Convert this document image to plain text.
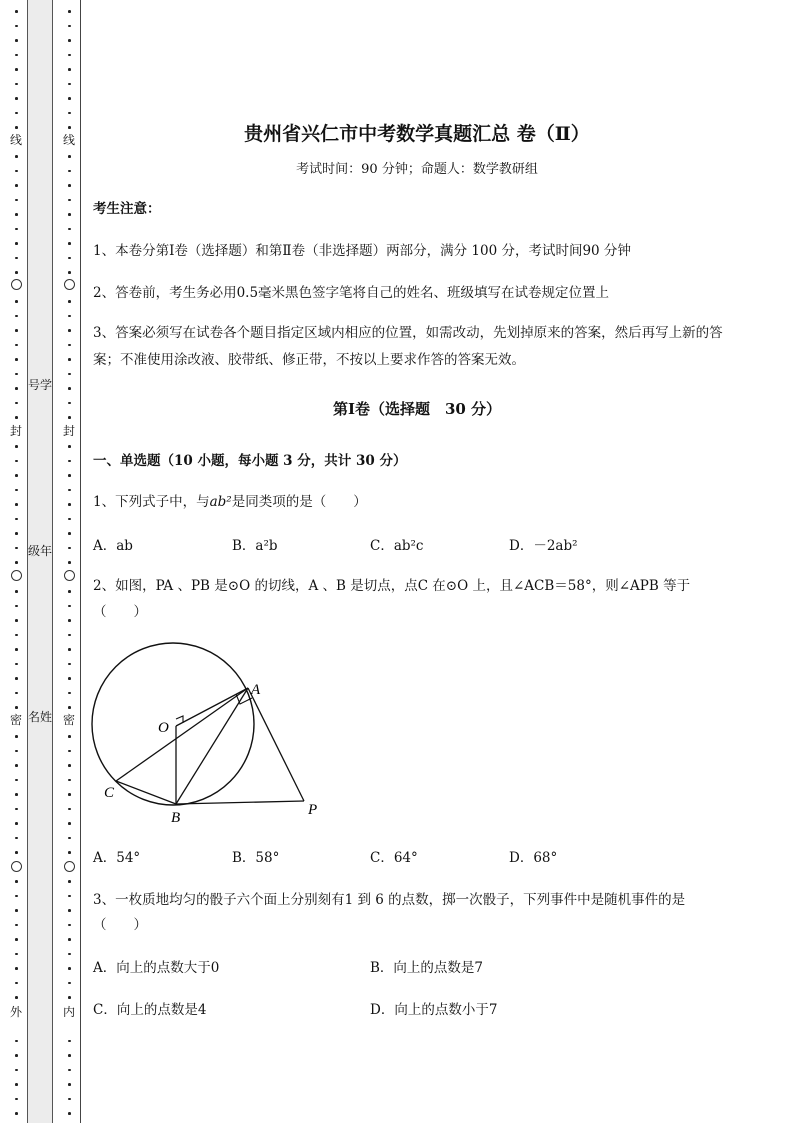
线
封
密
外
号学
级年
名姓
线
封
密
内
贵州省兴仁市中考数学真题汇总 卷（Ⅱ）
考试时间：90 分钟；命题人：数学教研组
考生注意：
1、本卷分第Ⅰ卷（选择题）和第Ⅱ卷（非选择题）两部分，满分 100 分，考试时间90 分钟
2、答卷前，考生务必用0.5毫米黑色签字笔将自己的姓名、班级填写在试卷规定位置上
3、答案必须写在试卷各个题目指定区域内相应的位置，如需改动，先划掉原来的答案，然后再写上新的答案；不准使用涂改液、胶带纸、修正带，不按以上要求作答的答案无效。
第Ⅰ卷（选择题　30 分）
一、单选题（10 小题，每小题 3 分，共计 30 分）
1、下列式子中，与ab²是同类项的是（　　）
A．ab	B．a²b	C．ab²c	D．－2ab²
2、如图，PA 、PB 是⊙O 的切线，A 、B 是切点，点C 在⊙O 上，且∠ACB＝58°，则∠APB 等于
（　　）
A
O
C
B	P
A．54°	B．58°	C．64°	D．68°
3、一枚质地均匀的骰子六个面上分别刻有1 到 6 的点数，掷一次骰子，下列事件中是随机事件的是
（　　）
A．向上的点数大于0	B．向上的点数是7
C．向上的点数是4	D．向上的点数小于7
